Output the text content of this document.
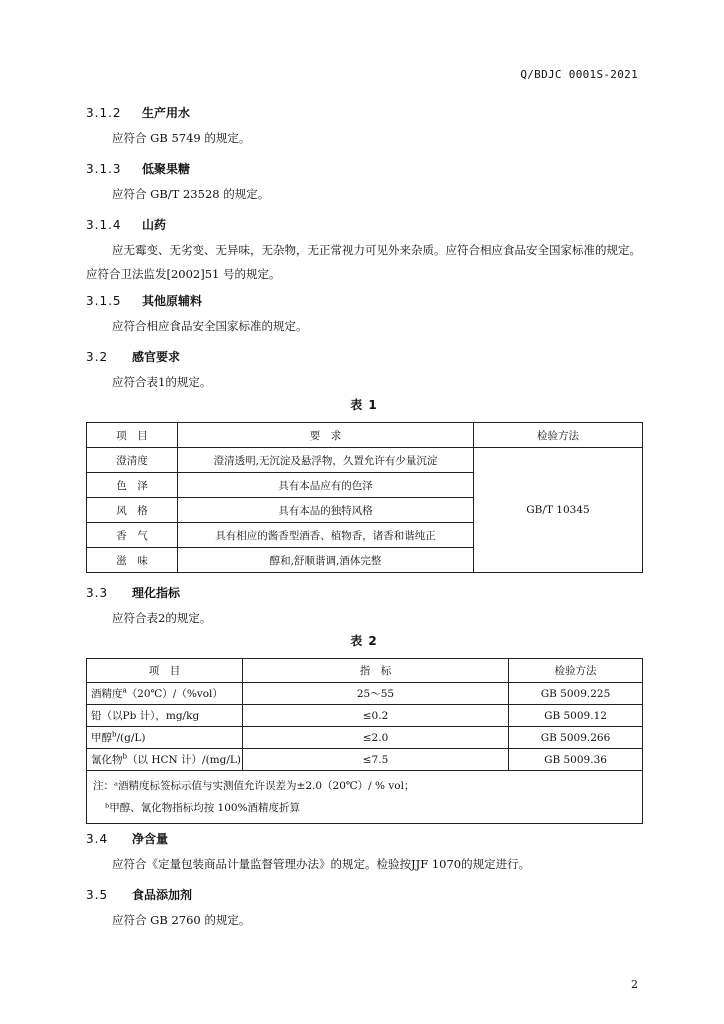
Q/BDJC 0001S-2021
3.1.2 生产用水
应符合 GB 5749 的规定。
3.1.3 低聚果糖
应符合 GB/T 23528 的规定。
3.1.4 山药
应无霉变、无劣变、无异味，无杂物，无正常视力可见外来杂质。应符合相应食品安全国家标准的规定。应符合卫法监发[2002]51 号的规定。
3.1.5 其他原辅料
应符合相应食品安全国家标准的规定。
3.2 感官要求
应符合表1的规定。
表 1
项　目	要　求	检验方法
澄清度	澄清透明,无沉淀及悬浮物，久置允许有少量沉淀	GB/T 10345
色　泽	具有本品应有的色泽	
风　格	具有本品的独特风格	
香　气	具有相应的酱香型酒香、植物香，诸香和谐纯正	
滋　味	醇和,舒顺谐调,酒体完整	
3.3 理化指标
应符合表2的规定。
表 2
项　目	指　标	检验方法
酒精度$^a$（20℃）/（%vol）	25～55	GB 5009.225
铅（以Pb 计），mg/kg	≤0.2	GB 5009.12
甲醇$^b$/(g/L)	≤2.0	GB 5009.266
氰化物$^b$（以 HCN 计）/(mg/L)	≤7.5	GB 5009.36

注：ᵃ酒精度标签标示值与实测值允许误差为±2.0（20℃）/ % vol；
ᵇ甲醇、氰化物指标均按 100%酒精度折算		
3.4 净含量
应符合《定量包装商品计量监督管理办法》的规定。检验按JJF 1070的规定进行。
3.5 食品添加剂
应符合 GB 2760 的规定。
2
